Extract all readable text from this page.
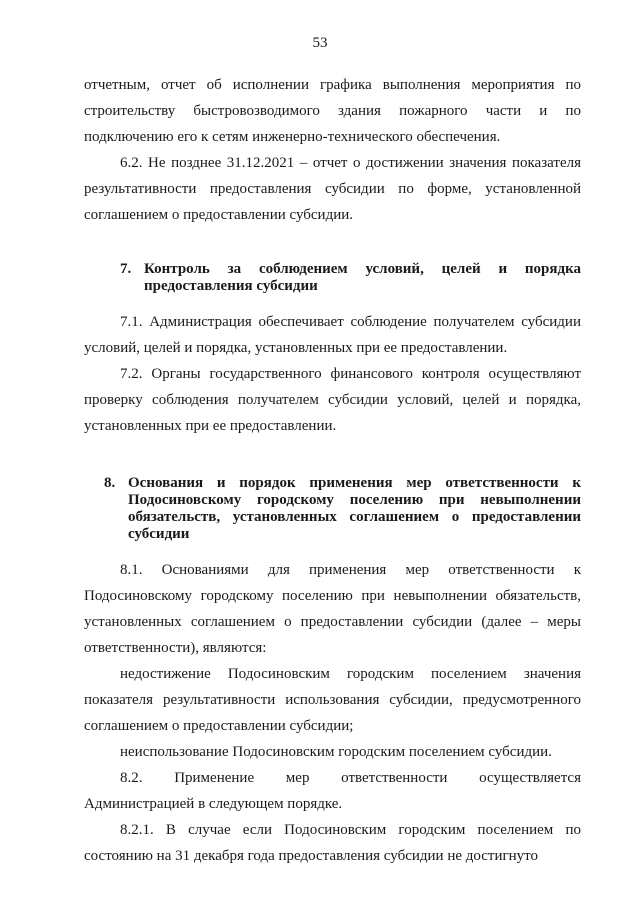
53

отчетным, отчет об исполнении графика выполнения мероприятия по строительству быстровозводимого здания пожарного части и по подключению его к сетям инженерно-технического обеспечения.

6.2. Не позднее 31.12.2021 – отчет о достижении значения показателя результативности предоставления субсидии по форме, установленной соглашением о предоставлении субсидии.

7. Контроль за соблюдением условий, целей и порядка предоставления субсидии

7.1. Администрация обеспечивает соблюдение получателем субсидии условий, целей и порядка, установленных при ее предоставлении.

7.2. Органы государственного финансового контроля осуществляют проверку соблюдения получателем субсидии условий, целей и порядка, установленных при ее предоставлении.

8. Основания и порядок применения мер ответственности к Подосиновскому городскому поселению при невыполнении обязательств, установленных соглашением о предоставлении субсидии

8.1. Основаниями для применения мер ответственности к Подосиновскому городскому поселению при невыполнении обязательств, установленных соглашением о предоставлении субсидии (далее – меры ответственности), являются:

недостижение Подосиновским городским поселением значения показателя результативности использования субсидии, предусмотренного соглашением о предоставлении субсидии;

неиспользование Подосиновским городским поселением субсидии.

8.2. Применение мер ответственности осуществляется Администрацией в следующем порядке.

8.2.1. В случае если Подосиновским городским поселением по состоянию на 31 декабря года предоставления субсидии не достигнуто
